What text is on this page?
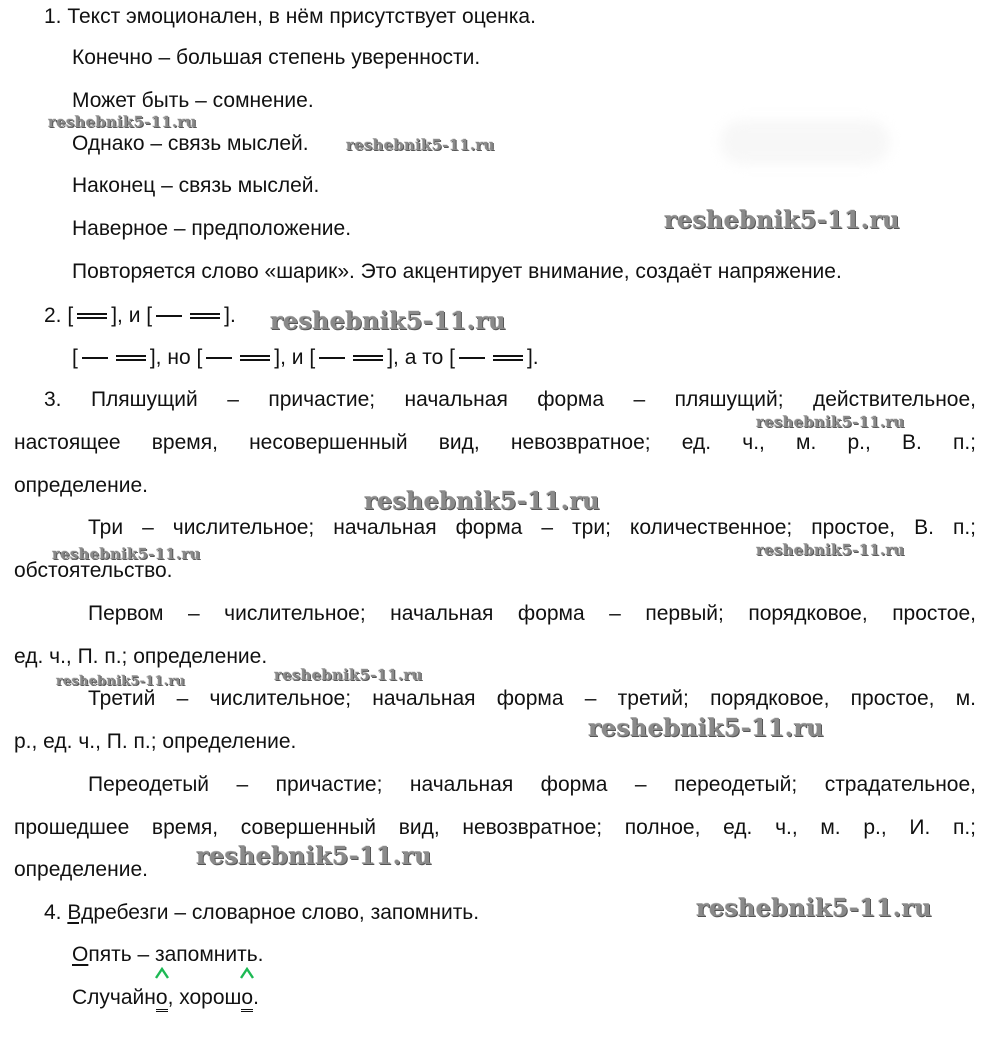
1. Текст эмоционален, в нём присутствует оценка.
Конечно – большая степень уверенности.
Может быть – сомнение.
Однако – связь мыслей.
Наконец – связь мыслей.
Наверное – предположение.
Повторяется слово «шарик». Это акцентирует внимание, создаёт напряжение.
2. [ ], и [	].
[	], но [	], и [	], а то [	].
3. Пляшущий – причастие; начальная форма – пляшущий; действительное,
настоящее время, несовершенный вид, невозвратное; ед. ч., м. р., В. п.;
определение.
Три – числительное; начальная форма – три; количественное; простое, В. п.;
обстоятельство.
Первом – числительное; начальная форма – первый; порядковое, простое,
ед. ч., П. п.; определение.
Третий – числительное; начальная форма – третий; порядковое, простое, м.
р., ед. ч., П. п.; определение.
Переодетый – причастие; начальная форма – переодетый; страдательное,
прошедшее время, совершенный вид, невозвратное; полное, ед. ч., м. р., И. п.;
определение.
4. Вдребезги – словарное слово, запомнить.
Опять – запомнить.
Случайно
, хорошо
.
reshebnik5-11.ru
reshebnik5-11.ru
reshebnik5-11.ru
reshebnik5-11.ru
reshebnik5-11.ru
reshebnik5-11.ru
reshebnik5-11.ru	reshebnik5-11.ru
reshebnik5-11.ru
reshebnik5-11.ru
reshebnik5-11.ru
reshebnik5-11.ru
reshebnik5-11.ru
